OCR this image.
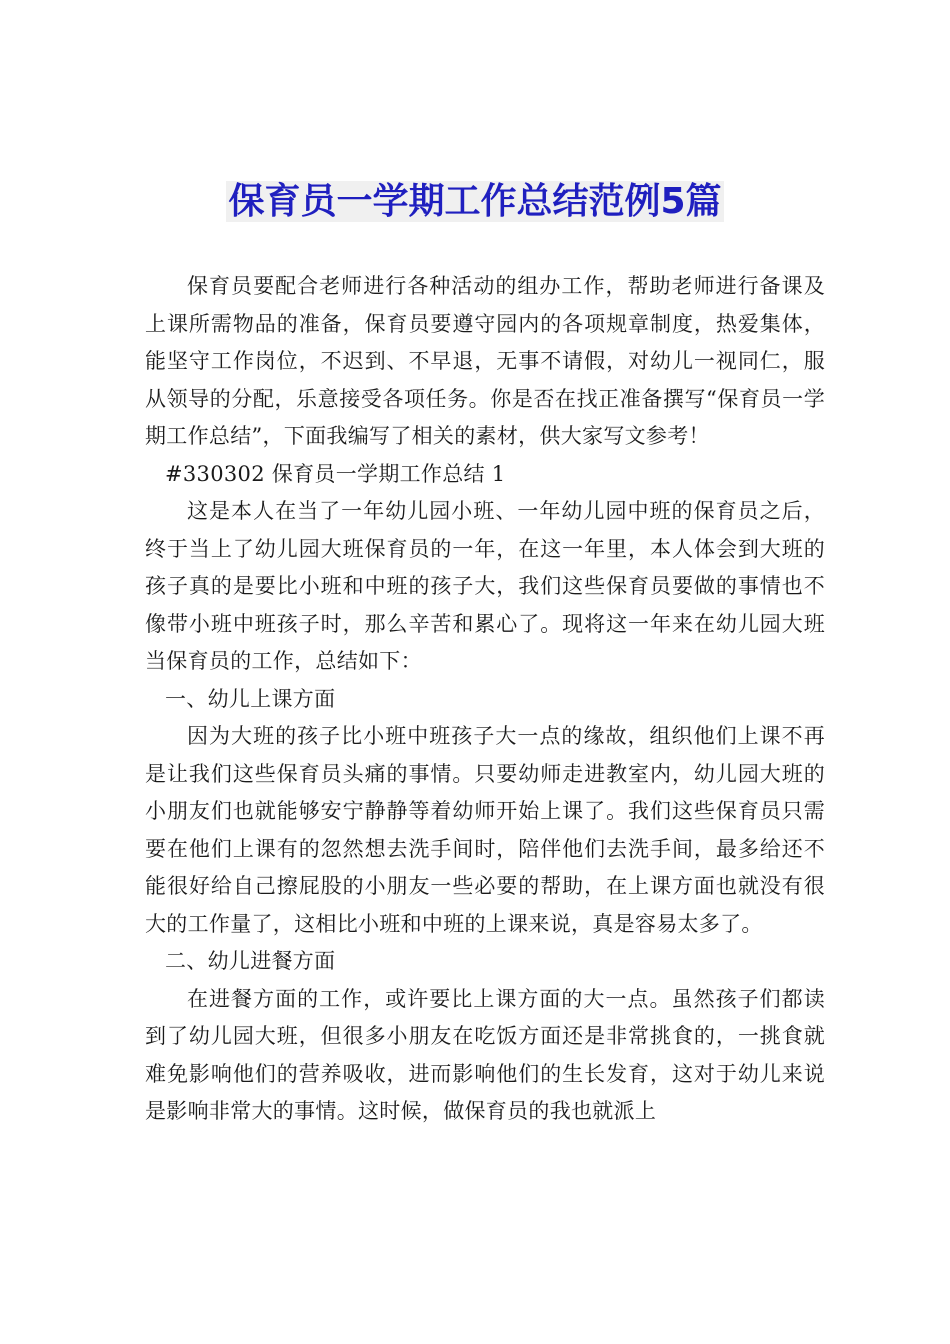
保育员一学期工作总结范例5篇

保育员要配合老师进行各种活动的组办工作，帮助老师进行备课及上课所需物品的准备，保育员要遵守园内的各项规章制度，热爱集体，能坚守工作岗位，不迟到、不早退，无事不请假，对幼儿一视同仁，服从领导的分配，乐意接受各项任务。你是否在找正准备撰写“保育员一学期工作总结”，下面我编写了相关的素材，供大家写文参考！

#330302 保育员一学期工作总结 1

这是本人在当了一年幼儿园小班、一年幼儿园中班的保育员之后，终于当上了幼儿园大班保育员的一年，在这一年里，本人体会到大班的孩子真的是要比小班和中班的孩子大，我们这些保育员要做的事情也不像带小班中班孩子时，那么辛苦和累心了。现将这一年来在幼儿园大班当保育员的工作，总结如下：

一、幼儿上课方面

因为大班的孩子比小班中班孩子大一点的缘故，组织他们上课不再是让我们这些保育员头痛的事情。只要幼师走进教室内，幼儿园大班的小朋友们也就能够安宁静静等着幼师开始上课了。我们这些保育员只需要在他们上课有的忽然想去洗手间时，陪伴他们去洗手间，最多给还不能很好给自己擦屁股的小朋友一些必要的帮助，在上课方面也就没有很大的工作量了，这相比小班和中班的上课来说，真是容易太多了。

二、幼儿进餐方面

在进餐方面的工作，或许要比上课方面的大一点。虽然孩子们都读到了幼儿园大班，但很多小朋友在吃饭方面还是非常挑食的，一挑食就难免影响他们的营养吸收，进而影响他们的生长发育，这对于幼儿来说是影响非常大的事情。这时候，做保育员的我也就派上
